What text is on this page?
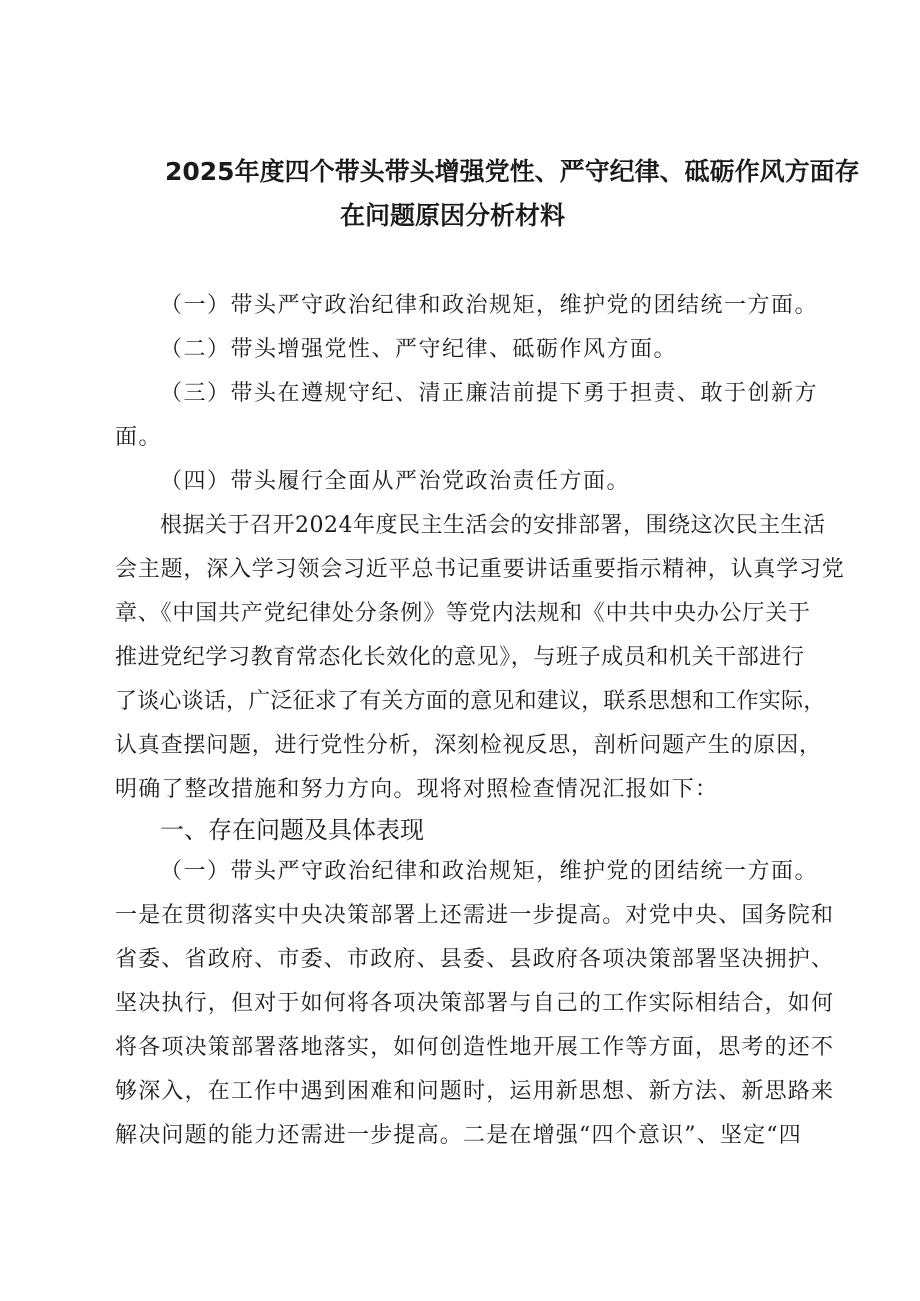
2025年度四个带头带头增强党性、严守纪律、砥砺作风方面存
在问题原因分析材料
（一）带头严守政治纪律和政治规矩，维护党的团结统一方面。
（二）带头增强党性、严守纪律、砥砺作风方面。
（三）带头在遵规守纪、清正廉洁前提下勇于担责、敢于创新方
面。
（四）带头履行全面从严治党政治责任方面。
根据关于召开2024年度民主生活会的安排部署，围绕这次民主生活
会主题，深入学习领会习近平总书记重要讲话重要指示精神，认真学习党
章、《中国共产党纪律处分条例》等党内法规和《中共中央办公厅关于
推进党纪学习教育常态化长效化的意见》，与班子成员和机关干部进行
了谈心谈话，广泛征求了有关方面的意见和建议，联系思想和工作实际，
认真查摆问题，进行党性分析，深刻检视反思，剖析问题产生的原因，
明确了整改措施和努力方向。现将对照检查情况汇报如下：
一、存在问题及具体表现
（一）带头严守政治纪律和政治规矩，维护党的团结统一方面。
一是在贯彻落实中央决策部署上还需进一步提高。对党中央、国务院和
省委、省政府、市委、市政府、县委、县政府各项决策部署坚决拥护、
坚决执行，但对于如何将各项决策部署与自己的工作实际相结合，如何
将各项决策部署落地落实，如何创造性地开展工作等方面，思考的还不
够深入，在工作中遇到困难和问题时，运用新思想、新方法、新思路来
解决问题的能力还需进一步提高。二是在增强“四个意识”、坚定“四
